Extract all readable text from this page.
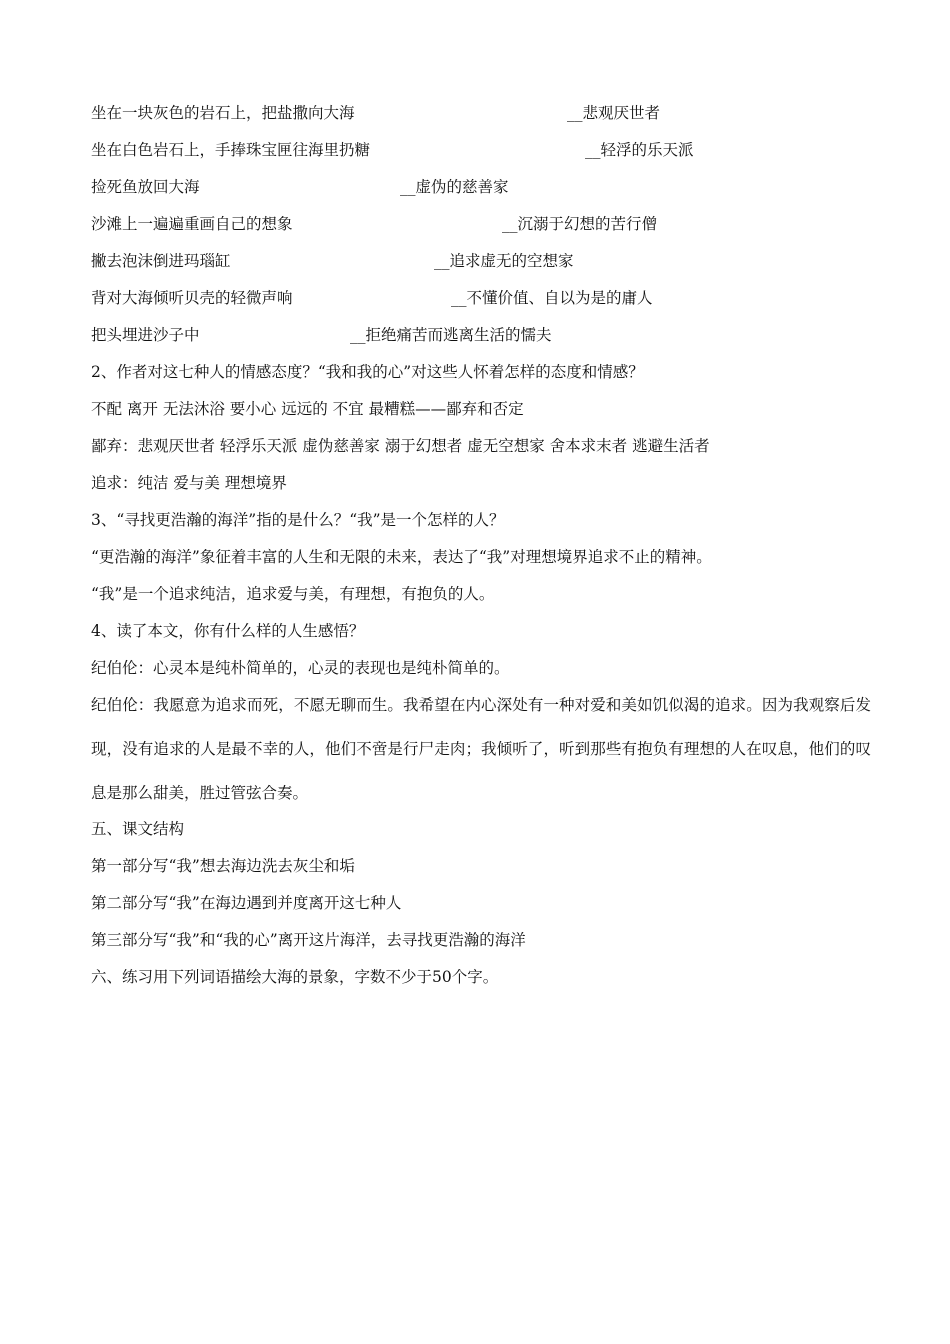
坐在一块灰色的岩石上，把盐撒向大海	__悲观厌世者
坐在白色岩石上，手捧珠宝匣往海里扔糖	__轻浮的乐天派
捡死鱼放回大海	__虚伪的慈善家
沙滩上一遍遍重画自己的想象	__沉溺于幻想的苦行僧
撇去泡沫倒进玛瑙缸	__追求虚无的空想家
背对大海倾听贝壳的轻微声响	__不懂价值、自以为是的庸人
把头埋进沙子中	__拒绝痛苦而逃离生活的懦夫
2、作者对这七种人的情感态度？“我和我的心”对这些人怀着怎样的态度和情感？
不配 离开 无法沐浴 要小心 远远的 不宜 最糟糕——鄙弃和否定
鄙弃：悲观厌世者 轻浮乐天派 虚伪慈善家 溺于幻想者 虚无空想家 舍本求末者 逃避生活者
追求：纯洁 爱与美 理想境界
3、“寻找更浩瀚的海洋”指的是什么？“我”是一个怎样的人？
“更浩瀚的海洋”象征着丰富的人生和无限的未来，表达了“我”对理想境界追求不止的精神。
“我”是一个追求纯洁，追求爱与美，有理想，有抱负的人。
4、读了本文，你有什么样的人生感悟？
纪伯伦：心灵本是纯朴简单的，心灵的表现也是纯朴简单的。
纪伯伦：我愿意为追求而死，不愿无聊而生。我希望在内心深处有一种对爱和美如饥似渴的追求。因为我观察后发现，没有追求的人是最不幸的人，他们不啻是行尸走肉；我倾听了，听到那些有抱负有理想的人在叹息，他们的叹息是那么甜美，胜过管弦合奏。
五、课文结构
第一部分写“我”想去海边洗去灰尘和垢
第二部分写“我”在海边遇到并度离开这七种人
第三部分写“我”和“我的心”离开这片海洋，去寻找更浩瀚的海洋
六、练习用下列词语描绘大海的景象，字数不少于50个字。
